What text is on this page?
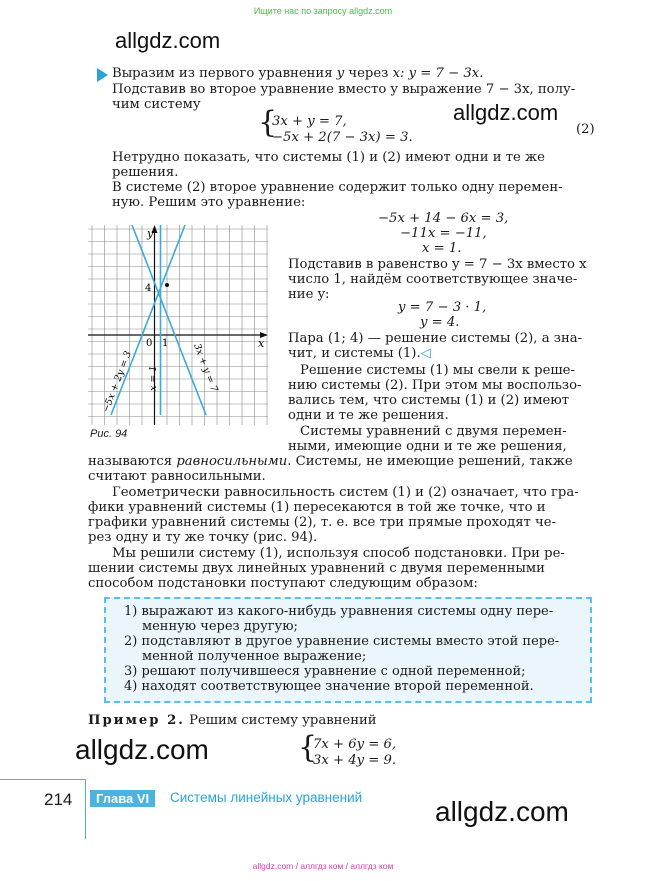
Ищите нас по запросу allgdz.com
allgdz.com
allgdz.com
allgdz.com
allgdz.com
Выразим из первого уравнения y через x: y = 7 − 3x.
Подставив во второе уравнение вместо y выражение 7 − 3x, полу-
чим систему
{
3x + y = 7,
−5x + 2(7 − 3x) = 3.
(2)
Нетрудно показать, что системы (1) и (2) имеют одни и те же
решения.
В системе (2) второе уравнение содержит только одну перемен-
ную. Решим это уравнение:
−5x + 14 − 6x = 3,
−11x = −11,
x = 1.
x
y
0 1
4
−5x + 2y = 3 x = 1	3x + y = 7
Рис. 94
Подставив в равенство y = 7 − 3x вместо x
число 1, найдём соответствующее значе-
ние y:
y = 7 − 3 · 1,
y = 4.
Пара (1; 4) — решение системы (2), а зна-
чит, и системы (1).◁
Решение системы (1) мы свели к реше-
нию системы (2). При этом мы воспользо-
вались тем, что системы (1) и (2) имеют
одни и те же решения.
Системы уравнений с двумя перемен-
ными, имеющие одни и те же решения,
называются равносильными. Системы, не имеющие решений, также
считают равносильными.
Геометрически равносильность систем (1) и (2) означает, что гра-
фики уравнений системы (1) пересекаются в той же точке, что и
графики уравнений системы (2), т. е. все три прямые проходят че-
рез одну и ту же точку (рис. 94).
Мы решили систему (1), используя способ подстановки. При ре-
шении системы двух линейных уравнений с двумя переменными
способом подстановки поступают следующим образом:
1) выражают из какого-нибудь уравнения системы одну пере-
менную через другую;
2) подставляют в другое уравнение системы вместо этой пере-
менной полученное выражение;
3) решают получившееся уравнение с одной переменной;
4) находят соответствующее значение второй переменной.
Пример 2. Решим систему уравнений
{
7x + 6y = 6,
3x + 4y = 9.
214	Глава VI	Системы линейных уравнений
allgdz.com / аллгдз ком / аллгдз ком
